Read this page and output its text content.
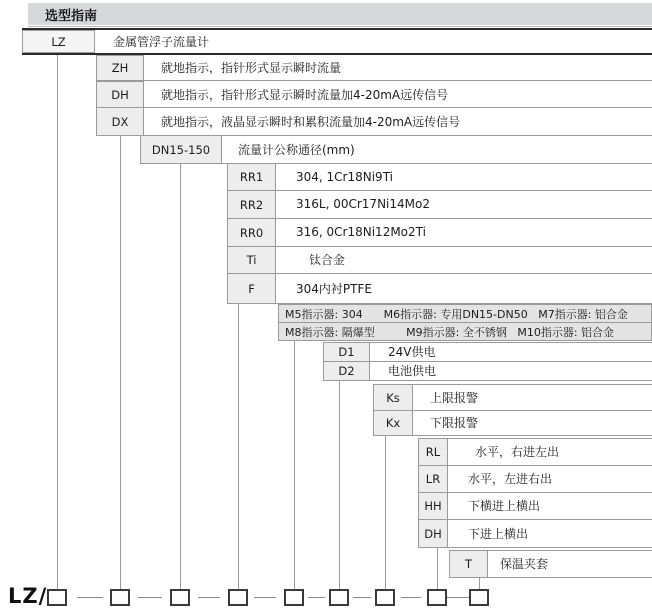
选型指南
LZ	金属管浮子流量计
ZH	就地指示，指针形式显示瞬时流量
DH	就地指示，指针形式显示瞬时流量加4-20mA远传信号
DX	就地指示，液晶显示瞬时和累积流量加4-20mA远传信号
DN15-150	流量计公称通径(mm)
RR1	304, 1Cr18Ni9Ti
RR2	316L, 00Cr17Ni14Mo2
RR0	316, 0Cr18Ni12Mo2Ti
Ti	钛合金
F	304内衬PTFE
M5指示器: 304      M6指示器: 专用DN15-DN50   M7指示器: 铝合金
M8指示器: 隔爆型         M9指示器: 全不锈钢   M10指示器: 铝合金
D1	24V供电
D2	电池供电
Ks	上限报警
Kx	下限报警
RL	水平，右进左出
LR	水平，左进右出
HH	下横进上横出
DH	下进上横出
T	保温夹套
LZ/
